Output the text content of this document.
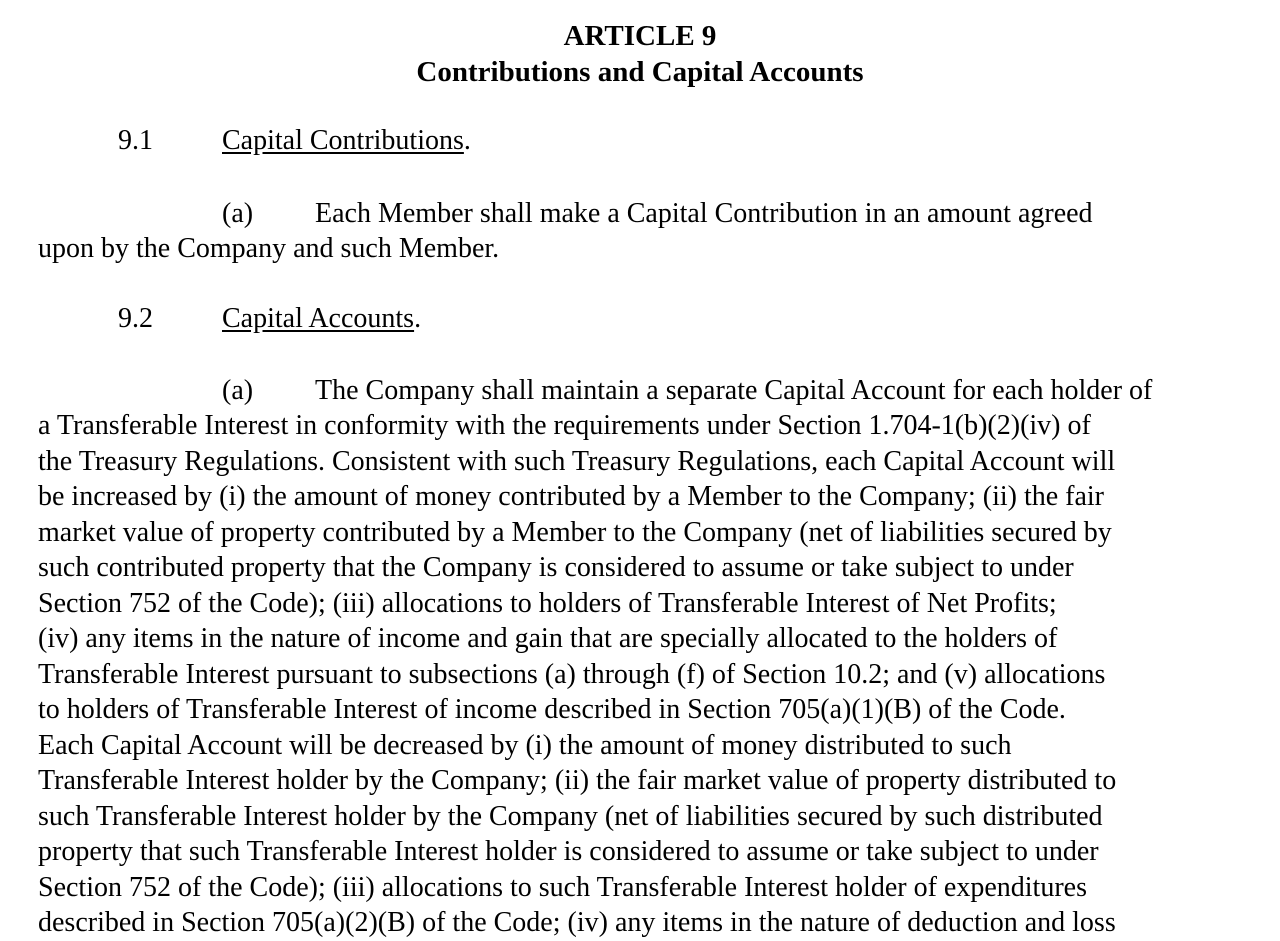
ARTICLE 9
Contributions and Capital Accounts
9.1 Capital Contributions.
(a) Each Member shall make a Capital Contribution in an amount agreed
upon by the Company and such Member.
9.2 Capital Accounts.
(a) The Company shall maintain a separate Capital Account for each holder of
a Transferable Interest in conformity with the requirements under Section 1.704-1(b)(2)(iv) of
the Treasury Regulations. Consistent with such Treasury Regulations, each Capital Account will
be increased by (i) the amount of money contributed by a Member to the Company; (ii) the fair
market value of property contributed by a Member to the Company (net of liabilities secured by
such contributed property that the Company is considered to assume or take subject to under
Section 752 of the Code); (iii) allocations to holders of Transferable Interest of Net Profits;
(iv) any items in the nature of income and gain that are specially allocated to the holders of
Transferable Interest pursuant to subsections (a) through (f) of Section 10.2; and (v) allocations
to holders of Transferable Interest of income described in Section 705(a)(1)(B) of the Code.
Each Capital Account will be decreased by (i) the amount of money distributed to such
Transferable Interest holder by the Company; (ii) the fair market value of property distributed to
such Transferable Interest holder by the Company (net of liabilities secured by such distributed
property that such Transferable Interest holder is considered to assume or take subject to under
Section 752 of the Code); (iii) allocations to such Transferable Interest holder of expenditures
described in Section 705(a)(2)(B) of the Code; (iv) any items in the nature of deduction and loss
